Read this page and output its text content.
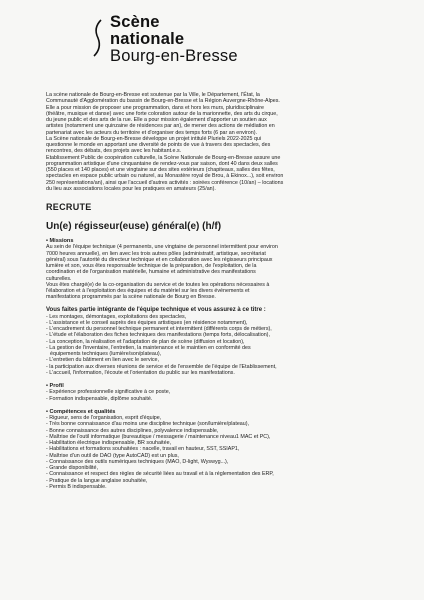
Scène
nationale
Bourg-en-Bresse

La scène nationale de Bourg-en-Bresse est soutenue par la Ville, le Département, l'État, la

Communauté d'Agglomération du bassin de Bourg-en-Bresse et la Région Auvergne-Rhône-Alpes.

Elle a pour mission de proposer une programmation, dans et hors les murs, pluridisciplinaire

(théâtre, musique et danse) avec une forte coloration autour de la marionnette, des arts du cirque,

du jeune public et des arts de la rue. Elle a pour mission également d'apporter un soutien aux

artistes (notamment une quinzaine de résidences par an), de mener des actions de médiation en

partenariat avec les acteurs du territoire et d'organiser des temps forts (6 par an environ).

La Scène nationale de Bourg-en-Bresse développe un projet intitulé Pluriels 2022-2025 qui

questionne le monde en apportant une diversité de points de vue à travers des spectacles, des

rencontres, des débats, des projets avec les habitant.e.s.

Etablissement Public de coopération culturelle, la Scène Nationale de Bourg-en-Bresse assure une

programmation artistique d'une cinquantaine de rendez-vous par saison, dont 40 dans deux salles

(550 places et 140 places) et une vingtaine sur des sites extérieurs (chapiteaux, salles des fêtes,

spectacles en espace public urbain ou naturel, au Monastère royal de Brou, à Ekinox...), soit environ

250 représentations/an), ainsi que l'accueil d'autres activités : soirées conférence (10/an) – locations

du lieu aux associations locales pour les pratiques en amateurs (25/an).

RECRUTE
Un(e) régisseur(euse) général(e) (h/f)

• Missions

Au sein de l'équipe technique (4 permanents, une vingtaine de personnel intermittent pour environ

7000 heures annuelle), en lien avec les trois autres pôles (administratif, artistique, secrétariat

général) sous l'autorité du directeur technique et en collaboration avec les régisseurs principaux

lumière et son, vous êtes responsable technique de la préparation, de l'exploitation, de la

coordination et de l'organisation matérielle, humaine et administrative des manifestations

culturelles.

Vous êtes chargé(e) de la co-organisation du service et de toutes les opérations nécessaires à

l'élaboration et à l'exploitation des équipes et du matériel sur les divers événements et

manifestations programmés par la scène nationale de Bourg en Bresse.

Vous faites partie intégrante de l'équipe technique et vous assurez à ce titre :

- Les montages, démontages, exploitations des spectacles,
- L'assistance et le conseil auprès des équipes artistiques (en résidence notamment),
- L'encadrement du personnel technique permanent et intermittent (différents corps de métiers),
- L'étude et l'élaboration des fiches techniques des manifestations (temps forts, délocalisation),
- La conception, la réalisation et l'adaptation de plan de scène (diffusion et location),
- La gestion de l'inventaire, l'entretien, la maintenance et le maintien en conformité des
équipements techniques (lumière/son/plateau),
- L'entretien du bâtiment en lien avec le service,
- la participation aux diverses réunions de service et de l'ensemble de l'équipe de l'Etablissement,
- L'accueil, l'information, l'écoute et l'orientation du public sur les manifestations.

• Profil

- Expérience professionnelle significative à ce poste,
- Formation indispensable, diplôme souhaité.

• Compétences et qualités

- Rigueur, sens de l'organisation, esprit d'équipe,
- Très bonne connaissance d'au moins une discipline technique (son/lumière/plateau),
- Bonne connaissance des autres disciplines, polyvalence indispensable,
- Maîtrise de l'outil informatique (bureautique / messagerie / maintenance niveau1 MAC et PC),
- Habilitation électrique indispensable, BR souhaitée,
- Habilitations et formations souhaitées : nacelle, travail en hauteur, SST, SSIAP1,
- Maîtrise d'un outil de DAO (type AutoCAD) est un plus,
- Connaissance des outils numériques techniques (MAO, D-light, Wyswyg...),
- Grande disponibilité,
- Connaissance et respect des règles de sécurité liées au travail et à la réglementation des ERP,
- Pratique de la langue anglaise souhaitée,
- Permis B indispensable.
